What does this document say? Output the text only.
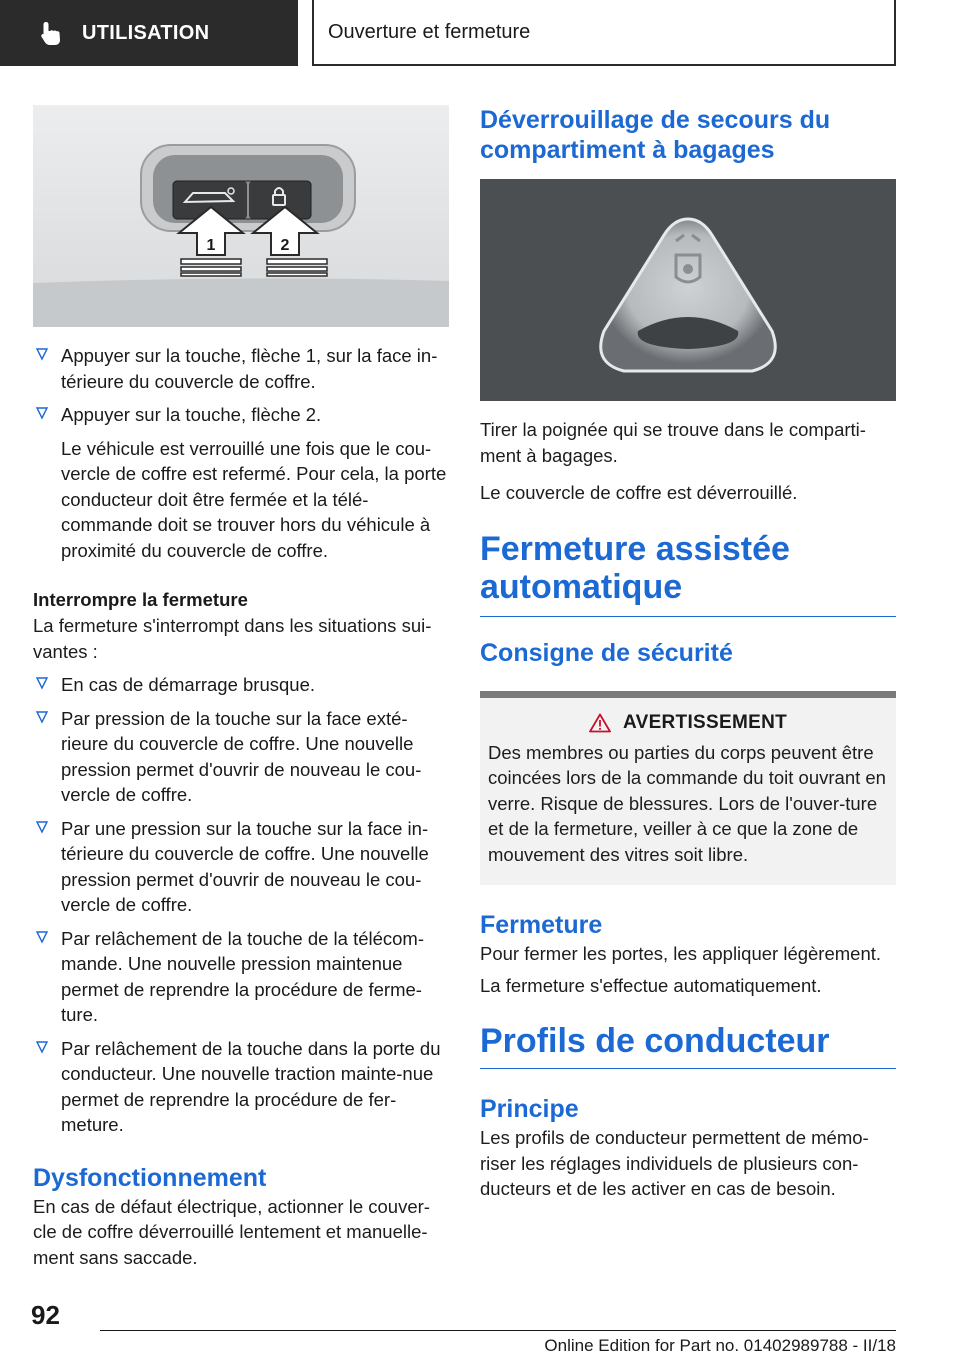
UTILISATION	Ouverture et fermeture
1	2
Appuyer sur la touche, flèche 1, sur la face in‐térieure du couvercle de coffre.
Appuyer sur la touche, flèche 2.
Le véhicule est verrouillé une fois que le cou‐vercle de coffre est refermé. Pour cela, la porte conducteur doit être fermée et la télé‐commande doit se trouver hors du véhicule à proximité du couvercle de coffre.
Interrompre la fermeture
La fermeture s'interrompt dans les situations sui‐vantes :
En cas de démarrage brusque.
Par pression de la touche sur la face exté‐rieure du couvercle de coffre. Une nouvelle pression permet d'ouvrir de nouveau le cou‐vercle de coffre.
Par une pression sur la touche sur la face in‐térieure du couvercle de coffre. Une nouvelle pression permet d'ouvrir de nouveau le cou‐vercle de coffre.
Par relâchement de la touche de la télécom‐mande. Une nouvelle pression maintenue permet de reprendre la procédure de ferme‐ture.
Par relâchement de la touche dans la porte du conducteur. Une nouvelle traction mainte‐nue permet de reprendre la procédure de fer‐meture.
Dysfonctionnement
En cas de défaut électrique, actionner le couver‐cle de coffre déverrouillé lentement et manuelle‐ment sans saccade.
Déverrouillage de secours du compartiment à bagages
Tirer la poignée qui se trouve dans le comparti‐ment à bagages.
Le couvercle de coffre est déverrouillé.
Fermeture assistée automatique
Consigne de sécurité
AVERTISSEMENT
Des membres ou parties du corps peuvent être coincées lors de la commande du toit ouvrant en verre. Risque de blessures. Lors de l'ouver‐ture et de la fermeture, veiller à ce que la zone de mouvement des vitres soit libre.
Fermeture
Pour fermer les portes, les appliquer légèrement.
La fermeture s'effectue automatiquement.
Profils de conducteur
Principe
Les profils de conducteur permettent de mémo‐riser les réglages individuels de plusieurs con‐ducteurs et de les activer en cas de besoin.
92
Online Edition for Part no. 01402989788 - II/18
